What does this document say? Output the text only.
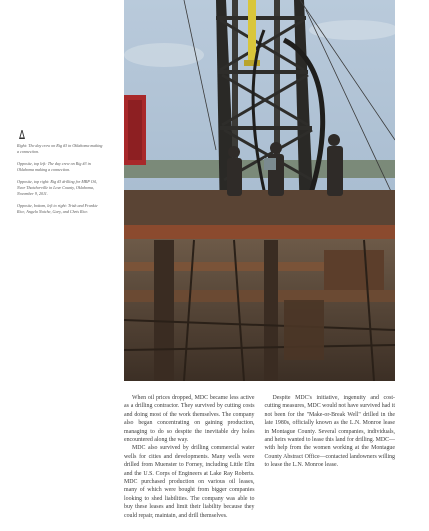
Right: The day crew on Rig #3 in Oklahoma making a connection.

Opposite, top left: The day crew on Rig #3 in Oklahoma making a connection.

Opposite, top right: Rig #3 drilling for MRP Oil, Near Thatcherville in Love County, Oklahoma, November 9, 2011.

Opposite, bottom, left to right: Trish and Frankie Rice, Angela Naiche, Gary, and Chris Rice.

When oil prices dropped, MDC became less active as a drilling contractor. They survived by cutting costs and doing most of the work themselves. The company also began concentrating on gaining production, managing to do so despite the inevitable dry holes encountered along the way.

MDC also survived by drilling commercial water wells for cities and developments. Many wells were drilled from Muenster to Forney, including Little Elm and the U.S. Corps of Engineers at Lake Ray Roberts. MDC purchased production on various oil leases, many of which were bought from bigger companies looking to shed liabilities. The company was able to buy these leases and limit their liability because they could repair, maintain, and drill themselves.

Despite MDC's initiative, ingenuity and cost-cutting measures, MDC would not have survived had it not been for the "Make-or-Break Well" drilled in the late 1980s, officially known as the L.N. Monroe lease in Montague County. Several companies, individuals, and heirs wanted to lease this land for drilling. MDC—with help from the women working at the Montague County Abstract Office—contacted landowners willing to lease the L.N. Monroe lease.
